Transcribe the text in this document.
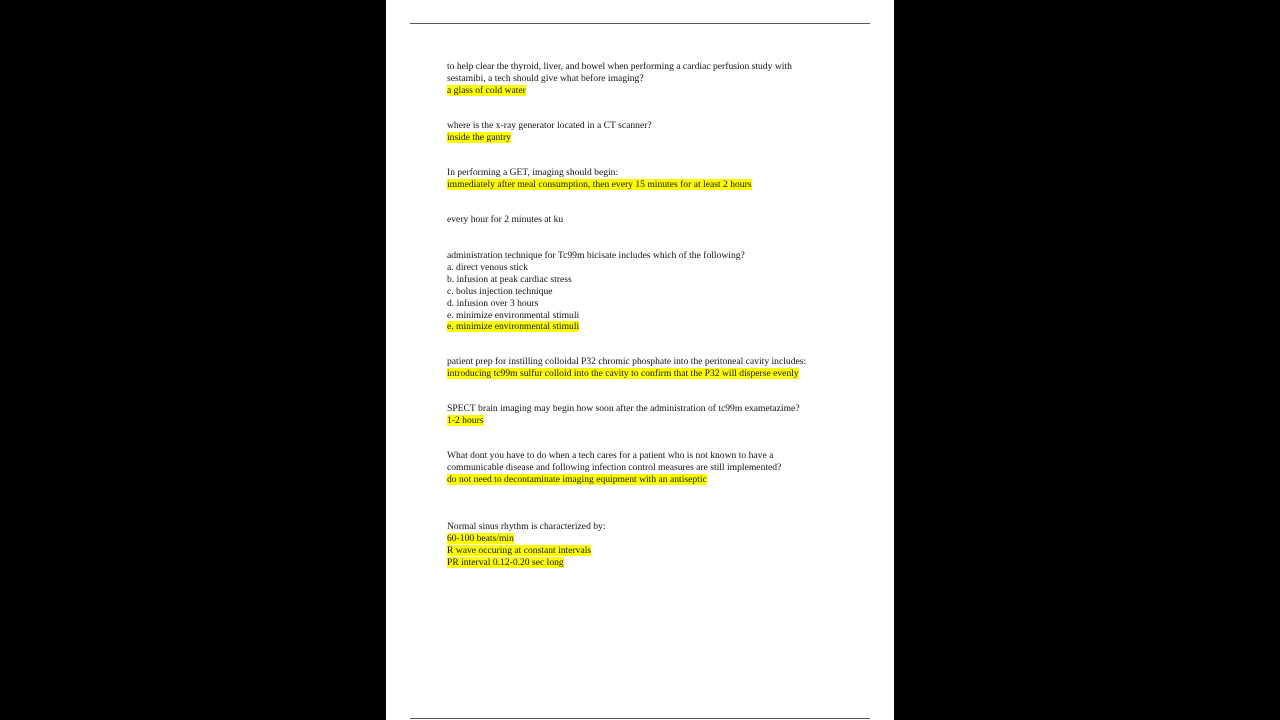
to help clear the thyroid, liver, and bowel when performing a cardiac perfusion study with
sestamibi, a tech should give what before imaging?
a glass of cold water
where is the x-ray generator located in a CT scanner?
inside the gantry
In performing a GET, imaging should begin:
immediately after meal consumption, then every 15 minutes for at least 2 hours
every hour for 2 minutes at ku
administration technique for Tc99m bicisate includes which of the following?
a. direct venous stick
b. infusion at peak cardiac stress
c. bolus injection technique
d. infusion over 3 hours
e. minimize environmental stimuli
e. minimize environmental stimuli
patient prep for instilling colloidal P32 chromic phosphate into the peritoneal cavity includes:
introducing tc99m sulfur colloid into the cavity to confirm that the P32 will disperse evenly
SPECT brain imaging may begin how soon after the administration of tc99m exametazime?
1-2 hours
What dont you have to do when a tech cares for a patient who is not known to have a
communicable disease and following infection control measures are still implemented?
do not need to decontaminate imaging equipment with an antiseptic
Normal sinus rhythm is characterized by:
60-100 beats/min
R wave occuring at constant intervals
PR interval 0.12-0.20 sec long
